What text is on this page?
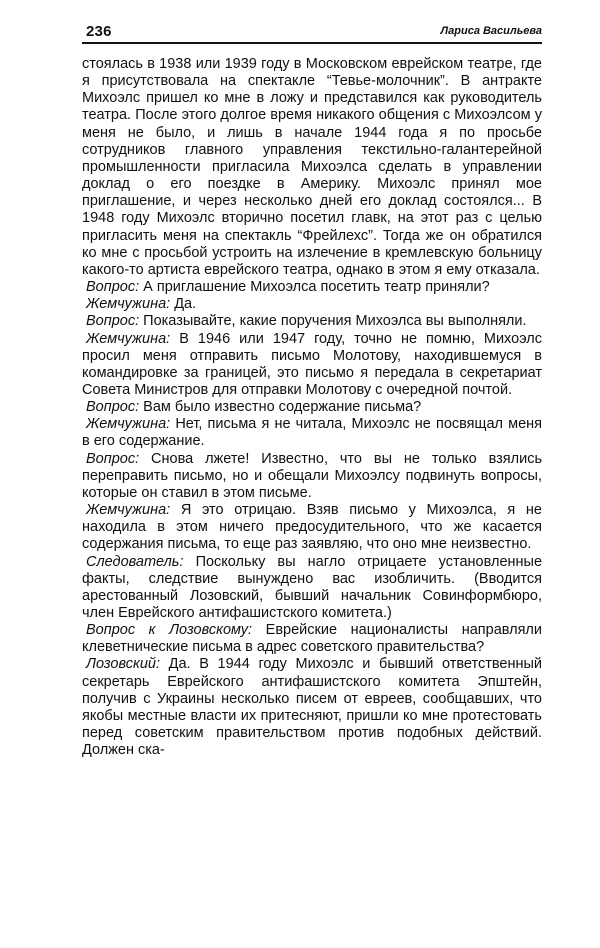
236	Лариса Васильева

стоялась в 1938 или 1939 году в Московском еврейском театре, где я присутствовала на спектакле “Тевье-молочник”. В антракте Михоэлс пришел ко мне в ложу и представился как руководитель театра. После этого долгое время никакого общения с Михоэлсом у меня не было, и лишь в начале 1944 года я по просьбе сотрудников главного управления текстильно-галантерейной промышленности пригласила Михоэлса сделать в управлении доклад о его поездке в Америку. Михоэлс принял мое приглашение, и через несколько дней его доклад состоялся... В 1948 году Михоэлс вторично посетил главк, на этот раз с целью пригласить меня на спектакль “Фрейлехс”. Тогда же он обратился ко мне с просьбой устроить на излечение в кремлевскую больницу какого-то артиста еврейского театра, однако в этом я ему отказала.

Вопрос: А приглашение Михоэлса посетить театр приняли?

Жемчужина: Да.

Вопрос: Показывайте, какие поручения Михоэлса вы выполняли.

Жемчужина: В 1946 или 1947 году, точно не помню, Михоэлс просил меня отправить письмо Молотову, находившемуся в командировке за границей, это письмо я передала в секретариат Совета Министров для отправки Молотову с очередной почтой.

Вопрос: Вам было известно содержание письма?

Жемчужина: Нет, письма я не читала, Михоэлс не посвящал меня в его содержание.

Вопрос: Снова лжете! Известно, что вы не только взялись переправить письмо, но и обещали Михоэлсу подвинуть вопросы, которые он ставил в этом письме.

Жемчужина: Я это отрицаю. Взяв письмо у Михоэлса, я не находила в этом ничего предосудительного, что же касается содержания письма, то еще раз заявляю, что оно мне неизвестно.

Следователь: Поскольку вы нагло отрицаете установленные факты, следствие вынуждено вас изобличить. (Вводится арестованный Лозовский, бывший начальник Совинформбюро, член Еврейского антифашистского комитета.)

Вопрос к Лозовскому: Еврейские националисты направляли клеветнические письма в адрес советского правительства?

Лозовский: Да. В 1944 году Михоэлс и бывший ответственный секретарь Еврейского антифашистского комитета Эпштейн, получив с Украины несколько писем от евреев, сообщавших, что якобы местные власти их притесняют, пришли ко мне протестовать перед советским правительством против подобных действий. Должен ска-
